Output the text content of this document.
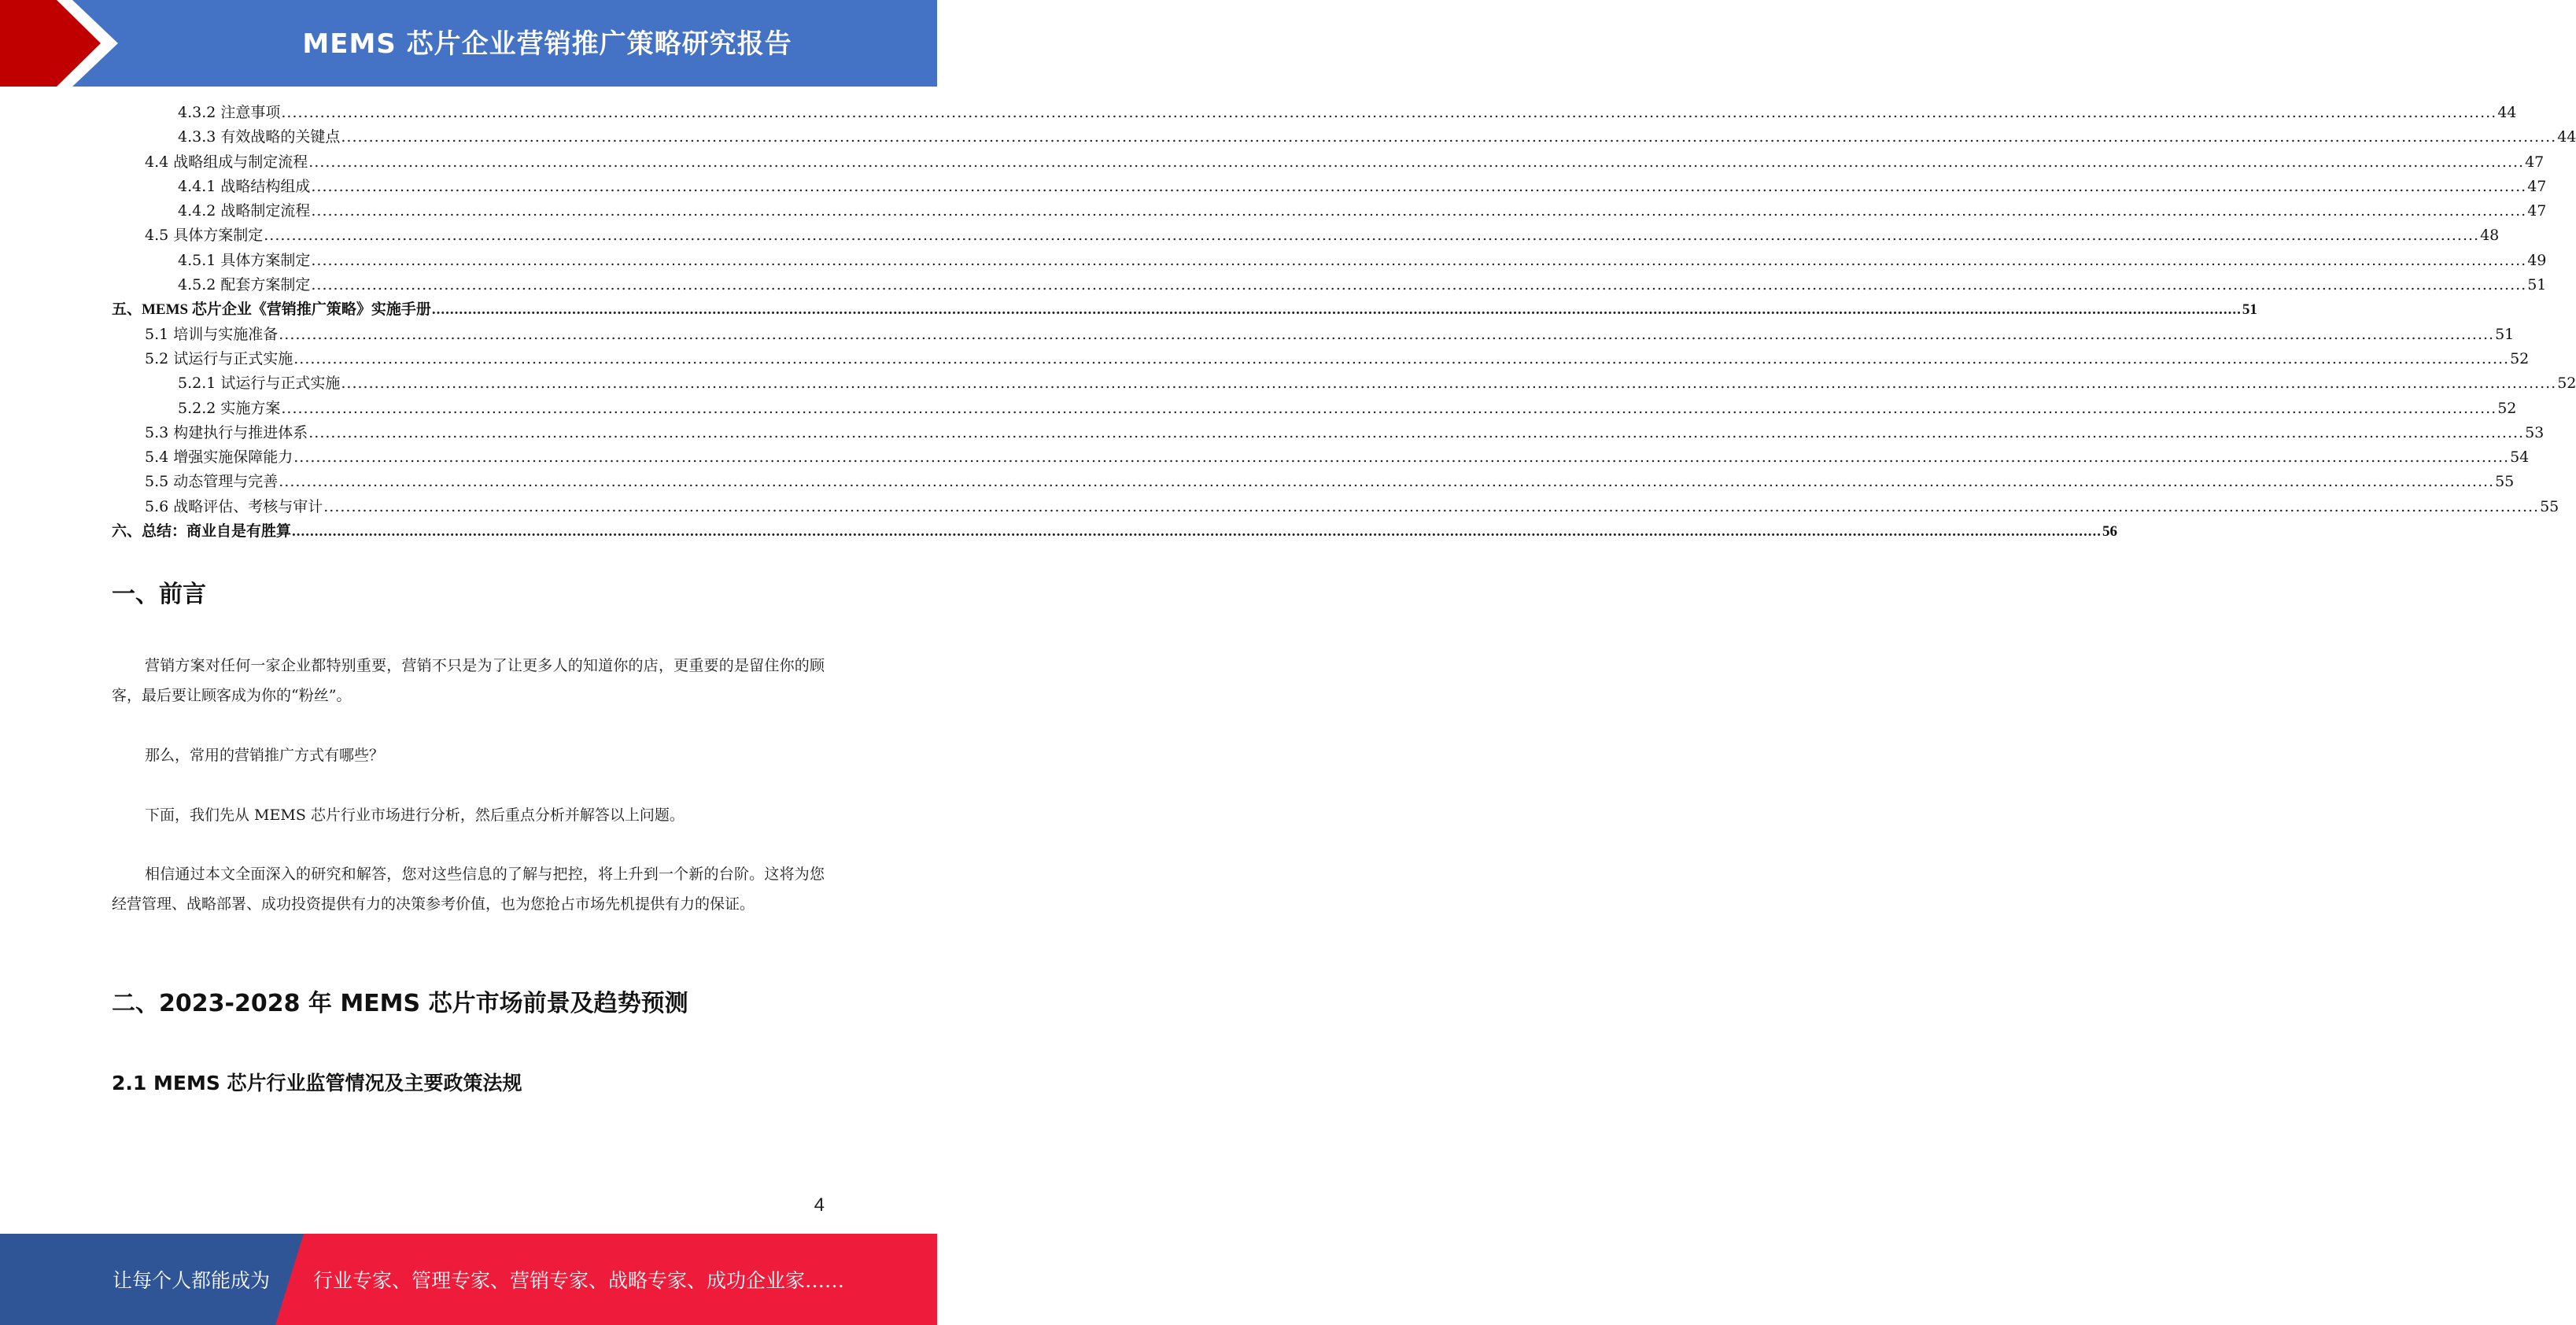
MEMS 芯片企业营销推广策略研究报告
4.3.2 注意事项 ................................................................................................................................................................................................................................................................................................................................................................................................................ 44
4.3.3 有效战略的关键点 ................................................................................................................................................................................................................................................................................................................................................................................................................ 44
4.4 战略组成与制定流程 ................................................................................................................................................................................................................................................................................................................................................................................................................ 47
4.4.1 战略结构组成 ................................................................................................................................................................................................................................................................................................................................................................................................................ 47
4.4.2 战略制定流程 ................................................................................................................................................................................................................................................................................................................................................................................................................ 47
4.5 具体方案制定 ................................................................................................................................................................................................................................................................................................................................................................................................................ 48
4.5.1 具体方案制定 ................................................................................................................................................................................................................................................................................................................................................................................................................ 49
4.5.2 配套方案制定 ................................................................................................................................................................................................................................................................................................................................................................................................................ 51
五、MEMS 芯片企业《营销推广策略》实施手册 ................................................................................................................................................................................................................................................................................................................................................................................................................ 51
5.1 培训与实施准备 ................................................................................................................................................................................................................................................................................................................................................................................................................ 51
5.2 试运行与正式实施 ................................................................................................................................................................................................................................................................................................................................................................................................................ 52
5.2.1 试运行与正式实施 ................................................................................................................................................................................................................................................................................................................................................................................................................ 52
5.2.2 实施方案 ................................................................................................................................................................................................................................................................................................................................................................................................................ 52
5.3 构建执行与推进体系 ................................................................................................................................................................................................................................................................................................................................................................................................................ 53
5.4 增强实施保障能力 ................................................................................................................................................................................................................................................................................................................................................................................................................ 54
5.5 动态管理与完善 ................................................................................................................................................................................................................................................................................................................................................................................................................ 55
5.6 战略评估、考核与审计 ................................................................................................................................................................................................................................................................................................................................................................................................................ 55
六、总结：商业自是有胜算 ................................................................................................................................................................................................................................................................................................................................................................................................................ 56
一、前言

营销方案对任何一家企业都特别重要，营销不只是为了让更多人的知道你的店，更重要的是留住你的顾客，最后要让顾客成为你的“粉丝”。

那么，常用的营销推广方式有哪些？

下面，我们先从 MEMS 芯片行业市场进行分析，然后重点分析并解答以上问题。

相信通过本文全面深入的研究和解答，您对这些信息的了解与把控，将上升到一个新的台阶。这将为您经营管理、战略部署、成功投资提供有力的决策参考价值，也为您抢占市场先机提供有力的保证。

二、2023-2028 年 MEMS 芯片市场前景及趋势预测
2.1 MEMS 芯片行业监管情况及主要政策法规
4
让每个人都能成为 行业专家、管理专家、营销专家、战略专家、成功企业家……
